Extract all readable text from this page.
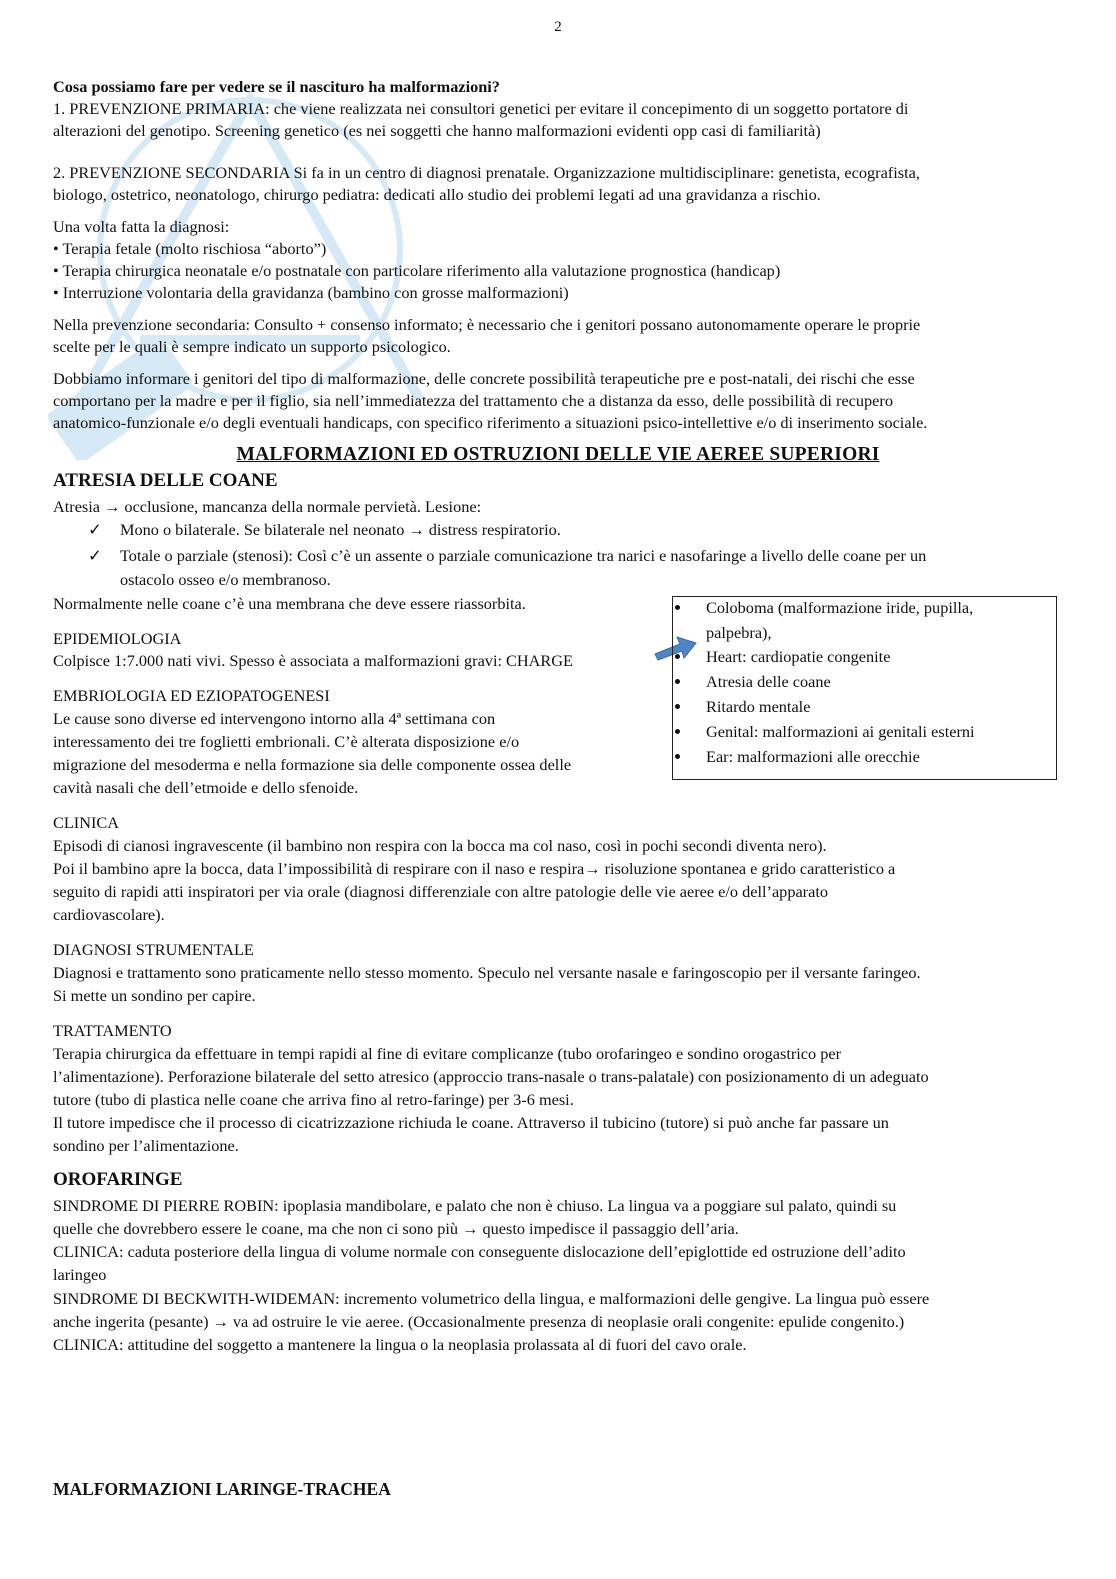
2

Cosa possiamo fare per vedere se il nascituro ha malformazioni?

1. PREVENZIONE PRIMARIA: che viene realizzata nei consultori genetici per evitare il concepimento di un soggetto portatore di

alterazioni del genotipo. Screening genetico (es nei soggetti che hanno malformazioni evidenti opp casi di familiarità)

2. PREVENZIONE SECONDARIA Si fa in un centro di diagnosi prenatale. Organizzazione multidisciplinare: genetista, ecografista,

biologo, ostetrico, neonatologo, chirurgo pediatra: dedicati allo studio dei problemi legati ad una gravidanza a rischio.

Una volta fatta la diagnosi:

• Terapia fetale (molto rischiosa “aborto”)

• Terapia chirurgica neonatale e/o postnatale con particolare riferimento alla valutazione prognostica (handicap)

• Interruzione volontaria della gravidanza (bambino con grosse malformazioni)

Nella prevenzione secondaria: Consulto + consenso informato; è necessario che i genitori possano autonomamente operare le proprie

scelte per le quali è sempre indicato un supporto psicologico.

Dobbiamo informare i genitori del tipo di malformazione, delle concrete possibilità terapeutiche pre e post-natali, dei rischi che esse

comportano per la madre e per il figlio, sia nell’immediatezza del trattamento che a distanza da esso, delle possibilità di recupero

anatomico-funzionale e/o degli eventuali handicaps, con specifico riferimento a situazioni psico-intellettive e/o di inserimento sociale.

MALFORMAZIONI ED OSTRUZIONI DELLE VIE AEREE SUPERIORI

ATRESIA DELLE COANE

Atresia → occlusione, mancanza della normale pervietà. Lesione:

✓ Mono o bilaterale. Se bilaterale nel neonato → distress respiratorio.
✓ Totale o parziale (stenosi): Così c’è un assente o parziale comunicazione tra narici e nasofaringe a livello delle coane per un
ostacolo osseo e/o membranoso.

Normalmente nelle coane c’è una membrana che deve essere riassorbita.

EPIDEMIOLOGIA

Colpisce 1:7.000 nati vivi. Spesso è associata a malformazioni gravi: CHARGE

EMBRIOLOGIA ED EZIOPATOGENESI

Le cause sono diverse ed intervengono intorno alla 4ª settimana con

interessamento dei tre foglietti embrionali. C’è alterata disposizione e/o

migrazione del mesoderma e nella formazione sia delle componente ossea delle

cavità nasali che dell’etmoide e dello sfenoide.

Coloboma (malformazione iride, pupilla,
palpebra),
Heart: cardiopatie congenite
Atresia delle coane
Ritardo mentale
Genital: malformazioni ai genitali esterni
Ear: malformazioni alle orecchie

CLINICA

Episodi di cianosi ingravescente (il bambino non respira con la bocca ma col naso, così in pochi secondi diventa nero).

Poi il bambino apre la bocca, data l’impossibilità di respirare con il naso e respira→ risoluzione spontanea e grido caratteristico a

seguito di rapidi atti inspiratori per via orale (diagnosi differenziale con altre patologie delle vie aeree e/o dell’apparato

cardiovascolare).

DIAGNOSI STRUMENTALE

Diagnosi e trattamento sono praticamente nello stesso momento. Speculo nel versante nasale e faringoscopio per il versante faringeo.

Si mette un sondino per capire.

TRATTAMENTO

Terapia chirurgica da effettuare in tempi rapidi al fine di evitare complicanze (tubo orofaringeo e sondino orogastrico per

l’alimentazione). Perforazione bilaterale del setto atresico (approccio trans-nasale o trans-palatale) con posizionamento di un adeguato

tutore (tubo di plastica nelle coane che arriva fino al retro-faringe) per 3-6 mesi.

Il tutore impedisce che il processo di cicatrizzazione richiuda le coane. Attraverso il tubicino (tutore) si può anche far passare un

sondino per l’alimentazione.

OROFARINGE

SINDROME DI PIERRE ROBIN: ipoplasia mandibolare, e palato che non è chiuso. La lingua va a poggiare sul palato, quindi su

quelle che dovrebbero essere le coane, ma che non ci sono più → questo impedisce il passaggio dell’aria.

CLINICA: caduta posteriore della lingua di volume normale con conseguente dislocazione dell’epiglottide ed ostruzione dell’adito

laringeo

SINDROME DI BECKWITH-WIDEMAN: incremento volumetrico della lingua, e malformazioni delle gengive. La lingua può essere

anche ingerita (pesante) → va ad ostruire le vie aeree. (Occasionalmente presenza di neoplasie orali congenite: epulide congenito.)

CLINICA: attitudine del soggetto a mantenere la lingua o la neoplasia prolassata al di fuori del cavo orale.

MALFORMAZIONI LARINGE-TRACHEA
